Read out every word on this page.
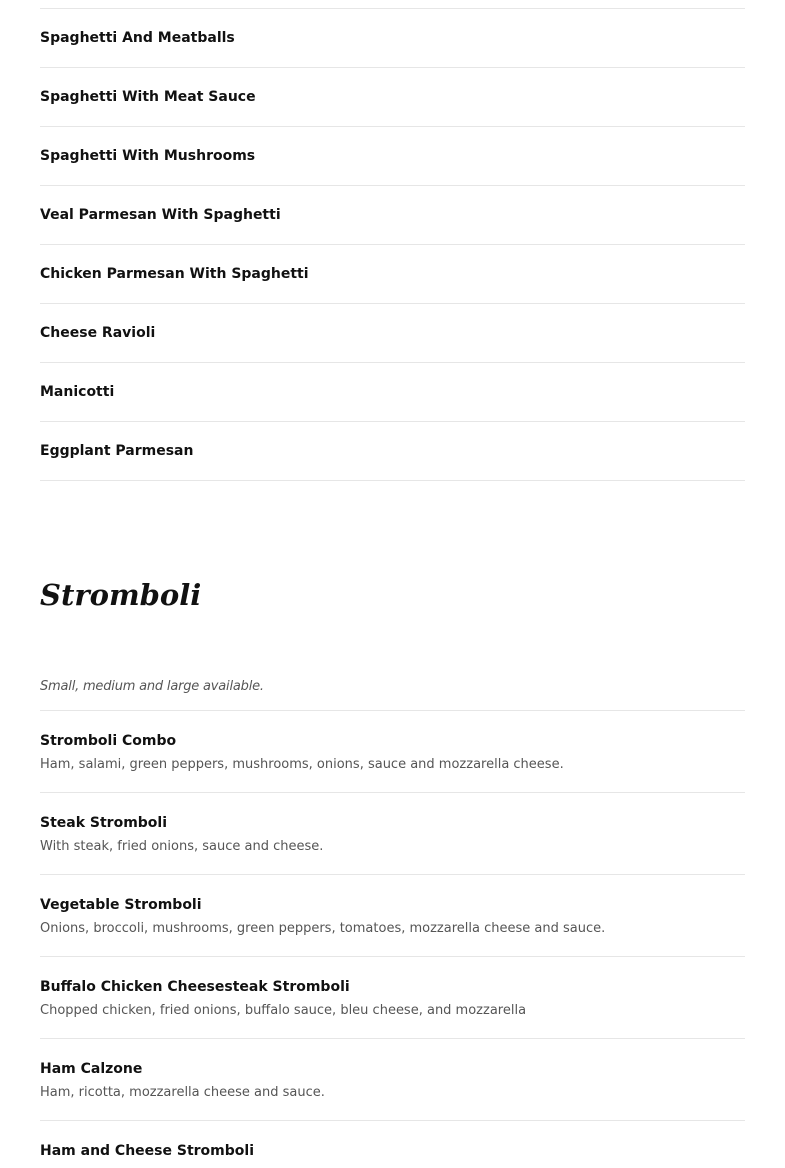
Spaghetti And Meatballs
Spaghetti With Meat Sauce
Spaghetti With Mushrooms
Veal Parmesan With Spaghetti
Chicken Parmesan With Spaghetti
Cheese Ravioli
Manicotti
Eggplant Parmesan
Stromboli
Small, medium and large available.
Stromboli Combo
Ham, salami, green peppers, mushrooms, onions, sauce and mozzarella cheese.
Steak Stromboli
With steak, fried onions, sauce and cheese.
Vegetable Stromboli
Onions, broccoli, mushrooms, green peppers, tomatoes, mozzarella cheese and sauce.
Buffalo Chicken Cheesesteak Stromboli
Chopped chicken, fried onions, buffalo sauce, bleu cheese, and mozzarella
Ham Calzone
Ham, ricotta, mozzarella cheese and sauce.
Ham and Cheese Stromboli
